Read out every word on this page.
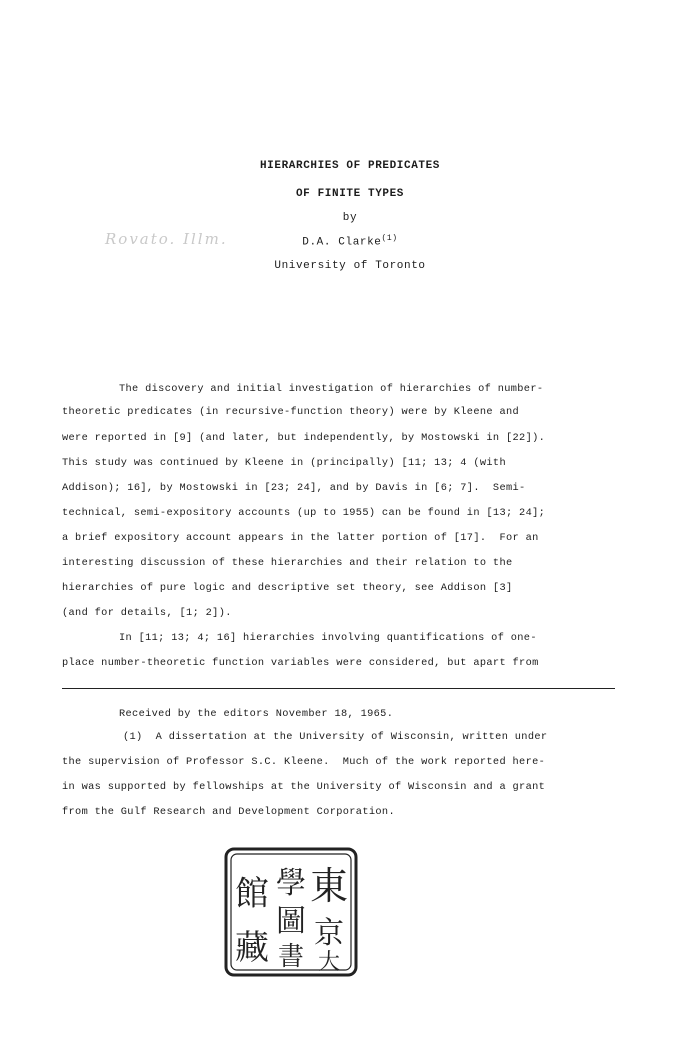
HIERARCHIES OF PREDICATES
OF FINITE TYPES
by
D.A. Clarke$^{(1)}$
University of Toronto
Rovato. Illm.
The discovery and initial investigation of hierarchies of number-
theoretic predicates (in recursive-function theory) were by Kleene and
were reported in [9] (and later, but independently, by Mostowski in [22]).
This study was continued by Kleene in (principally) [11; 13; 4 (with
Addison); 16], by Mostowski in [23; 24], and by Davis in [6; 7].  Semi-
technical, semi-expository accounts (up to 1955) can be found in [13; 24];
a brief expository account appears in the latter portion of [17].  For an
interesting discussion of these hierarchies and their relation to the
hierarchies of pure logic and descriptive set theory, see Addison [3]
(and for details, [1; 2]).
In [11; 13; 4; 16] hierarchies involving quantifications of one-
place number-theoretic function variables were considered, but apart from
Received by the editors November 18, 1965.
(1) A dissertation at the University of Wisconsin, written under
the supervision of Professor S.C. Kleene.  Much of the work reported here-
in was supported by fellowships at the University of Wisconsin and a grant
from the Gulf Research and Development Corporation.
東
京
大
學
圖
書
館
藏
